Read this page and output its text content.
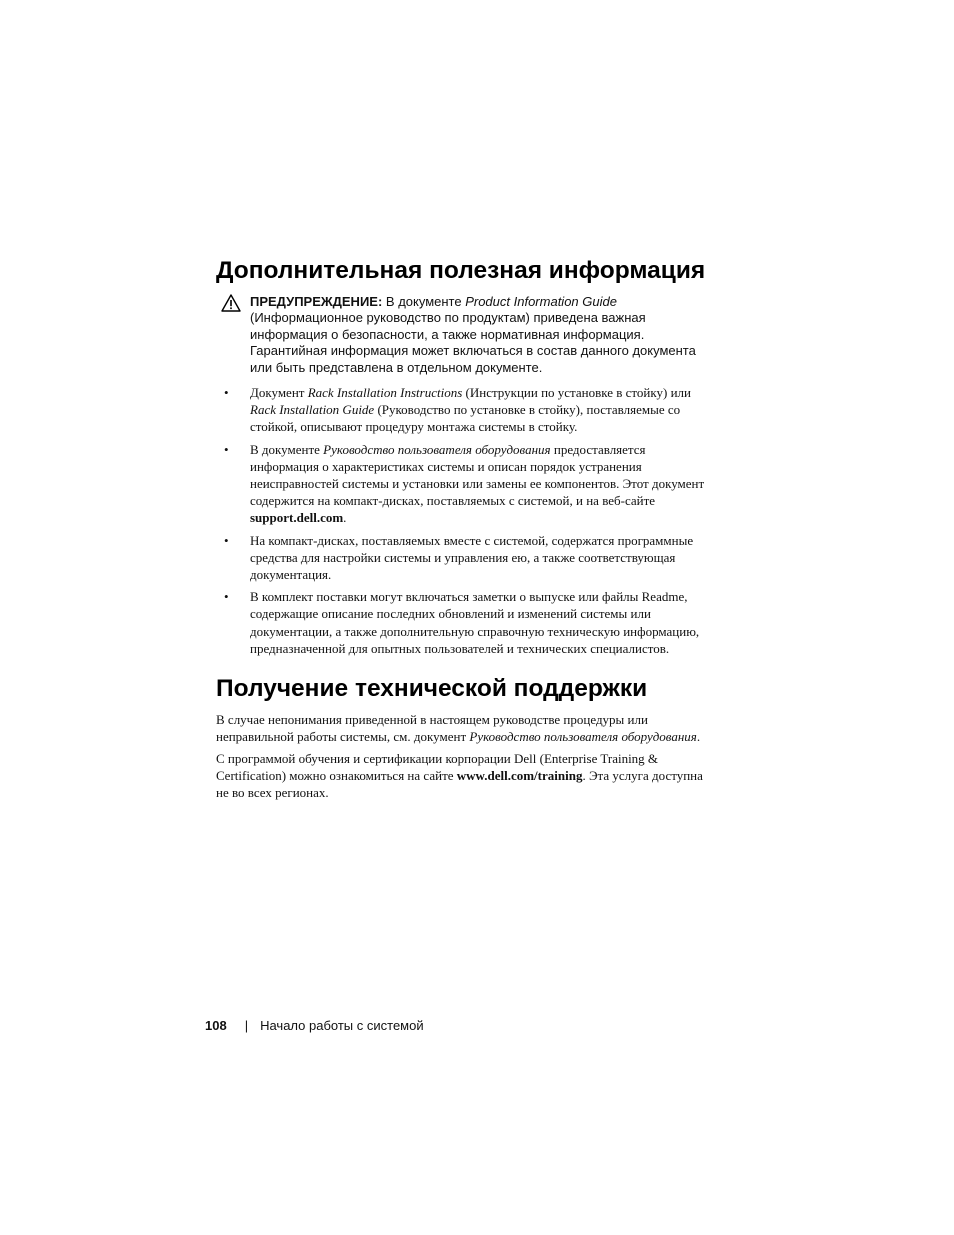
Дополнительная полезная информация
ПРЕДУПРЕЖДЕНИЕ: В документе Product Information Guide (Информационное руководство по продуктам) приведена важная информация о безопасности, а также нормативная информация. Гарантийная информация может включаться в состав данного документа или быть представлена в отдельном документе.
• Документ Rack Installation Instructions (Инструкции по установке в стойку) или Rack Installation Guide (Руководство по установке в стойку), поставляемые со стойкой, описывают процедуру монтажа системы в стойку.
• В документе Руководство пользователя оборудования предоставляется информация о характеристиках системы и описан порядок устранения неисправностей системы и установки или замены ее компонентов. Этот документ содержится на компакт-дисках, поставляемых с системой, и на веб-сайте support.dell.com.
• На компакт-дисках, поставляемых вместе с системой, содержатся программные средства для настройки системы и управления ею, а также соответствующая документация.
• В комплект поставки могут включаться заметки о выпуске или файлы Readme, содержащие описание последних обновлений и изменений системы или документации, а также дополнительную справочную техническую информацию, предназначенной для опытных пользователей и технических специалистов.
Получение технической поддержки

В случае непонимания приведенной в настоящем руководстве процедуры или неправильной работы системы, см. документ Руководство пользователя оборудования.

С программой обучения и сертификации корпорации Dell (Enterprise Training & Certification) можно ознакомиться на сайте www.dell.com/training. Эта услуга доступна не во всех регионах.

108 | Начало работы с системой
